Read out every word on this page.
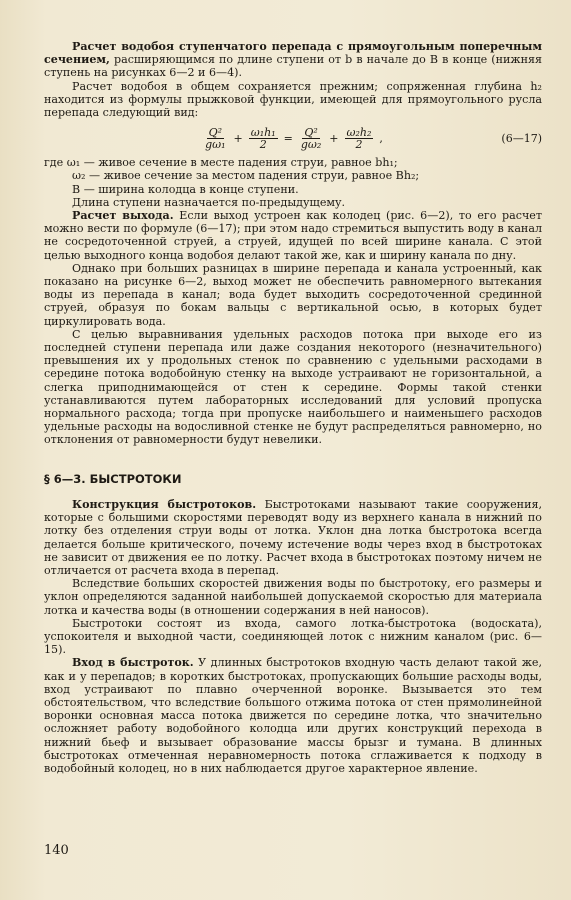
Расчет водобоя ступенчатого перепада с прямоугольным поперечным сечением, расширяющимся по длине ступени от b в начале до B в конце (нижняя ступень на рисунках 6—2 и 6—4).

Расчет водобоя в общем сохраняется прежним; сопряженная глубина h₂ находится из формулы прыжковой функции, имеющей для прямоугольного русла перепада следующий вид:

$\frac{\text{Q²}}{\text{gω₁}} + \frac{\text{ω₁h₁}}{2} = \frac{\text{Q²}}{\text{gω₂}} + \frac{\text{ω₂h₂}}{2}$ ,	(6—17)

где ω₁ — живое сечение в месте падения струи, равное bh₁;

ω₂ — живое сечение за местом падения струи, равное Bh₂;

B — ширина колодца в конце ступени.

Длина ступени назначается по-предыдущему.

Расчет выхода. Если выход устроен как колодец (рис. 6—2), то его расчет можно вести по формуле (6—17); при этом надо стремиться выпустить воду в канал не сосредоточенной струей, а струей, идущей по всей ширине канала. С этой целью выходного конца водобоя делают такой же, как и ширину канала по дну.

Однако при больших разницах в ширине перепада и канала устроенный, как показано на рисунке 6—2, выход может не обеспечить равномерного вытекания воды из перепада в канал; вода будет выходить сосредоточенной срединной струей, образуя по бокам вальцы с вертикальной осью, в которых будет циркулировать вода.

С целью выравнивания удельных расходов потока при выходе его из последней ступени перепада или даже создания некоторого (незначительного) превышения их у продольных стенок по сравнению с удельными расходами в середине потока водобойную стенку на выходе устраивают не горизонтальной, а слегка приподнимающейся от стен к середине. Формы такой стенки устанавливаются путем лабораторных исследований для условий пропуска нормального расхода; тогда при пропуске наибольшего и наименьшего расходов удельные расходы на водосливной стенке не будут распределяться равномерно, но отклонения от равномерности будут невелики.

§ 6—3. БЫСТРОТОКИ

Конструкция быстротоков. Быстротоками называют такие сооружения, которые с большими скоростями переводят воду из верхнего канала в нижний по лотку без отделения струи воды от лотка. Уклон дна лотка быстротока всегда делается больше критического, почему истечение воды через вход в быстротоках не зависит от движения ее по лотку. Расчет входа в быстротоках поэтому ничем не отличается от расчета входа в перепад.

Вследствие больших скоростей движения воды по быстротоку, его размеры и уклон определяются заданной наибольшей допускаемой скоростью для материала лотка и качества воды (в отношении содержания в ней наносов).

Быстротоки состоят из входа, самого лотка-быстротока (водоската), успокоителя и выходной части, соединяющей лоток с нижним каналом (рис. 6—15).

Вход в быстроток. У длинных быстротоков входную часть делают такой же, как и у перепадов; в коротких быстротоках, пропускающих большие расходы воды, вход устраивают по плавно очерченной воронке. Вызывается это тем обстоятельством, что вследствие большого отжима потока от стен прямолинейной воронки основная масса потока движется по середине лотка, что значительно осложняет работу водобойного колодца или других конструкций перехода в нижний бьеф и вызывает образование массы брызг и тумана. В длинных быстротоках отмеченная неравномерность потока сглаживается к подходу в водобойный колодец, но в них наблюдается другое характерное явление.

140
